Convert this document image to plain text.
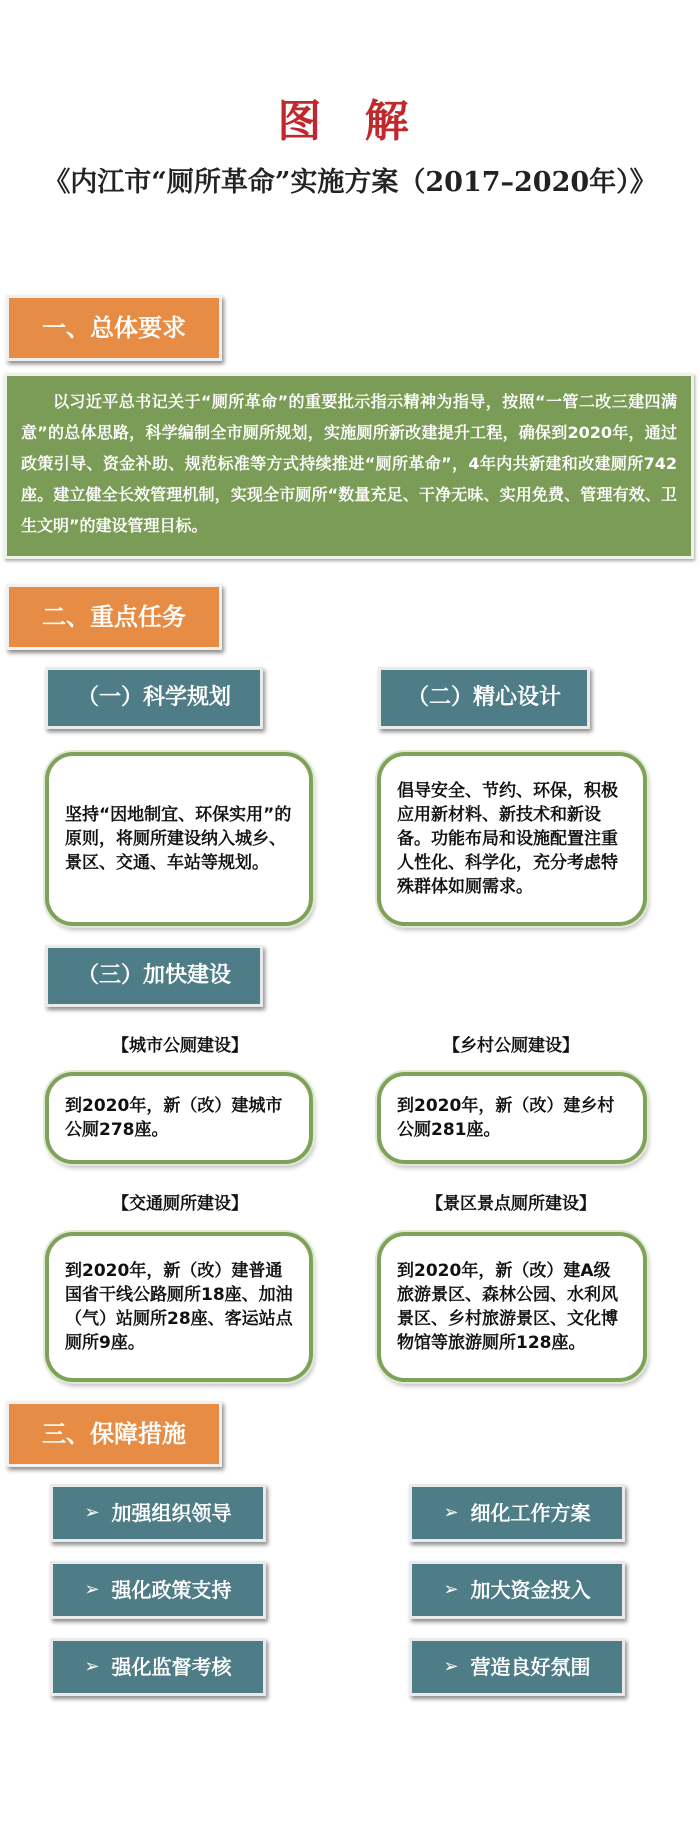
图 解
《内江市“厕所革命”实施方案（2017–2020年）》
一、总体要求
以习近平总书记关于“厕所革命”的重要批示指示精神为指导，按照“一管二改三建四满意”的总体思路，科学编制全市厕所规划，实施厕所新改建提升工程，确保到2020年，通过政策引导、资金补助、规范标准等方式持续推进“厕所革命”，4年内共新建和改建厕所742座。建立健全长效管理机制，实现全市厕所“数量充足、干净无味、实用免费、管理有效、卫生文明”的建设管理目标。
二、重点任务
（一）科学规划	（二）精心设计
坚持“因地制宜、环保实用”的原则，将厕所建设纳入城乡、景区、交通、车站等规划。
倡导安全、节约、环保，积极应用新材料、新技术和新设备。功能布局和设施配置注重人性化、科学化，充分考虑特殊群体如厕需求。
（三）加快建设
【城市公厕建设】	【乡村公厕建设】
到2020年，新（改）建城市公厕278座。
到2020年，新（改）建乡村公厕281座。
【交通厕所建设】	【景区景点厕所建设】
到2020年，新（改）建普通国省干线公路厕所18座、加油（气）站厕所28座、客运站点厕所9座。
到2020年，新（改）建A级旅游景区、森林公园、水利风景区、乡村旅游景区、文化博物馆等旅游厕所128座。
三、保障措施
➢ 加强组织领导	➢ 细化工作方案
➢ 强化政策支持	➢ 加大资金投入
➢ 强化监督考核	➢ 营造良好氛围
